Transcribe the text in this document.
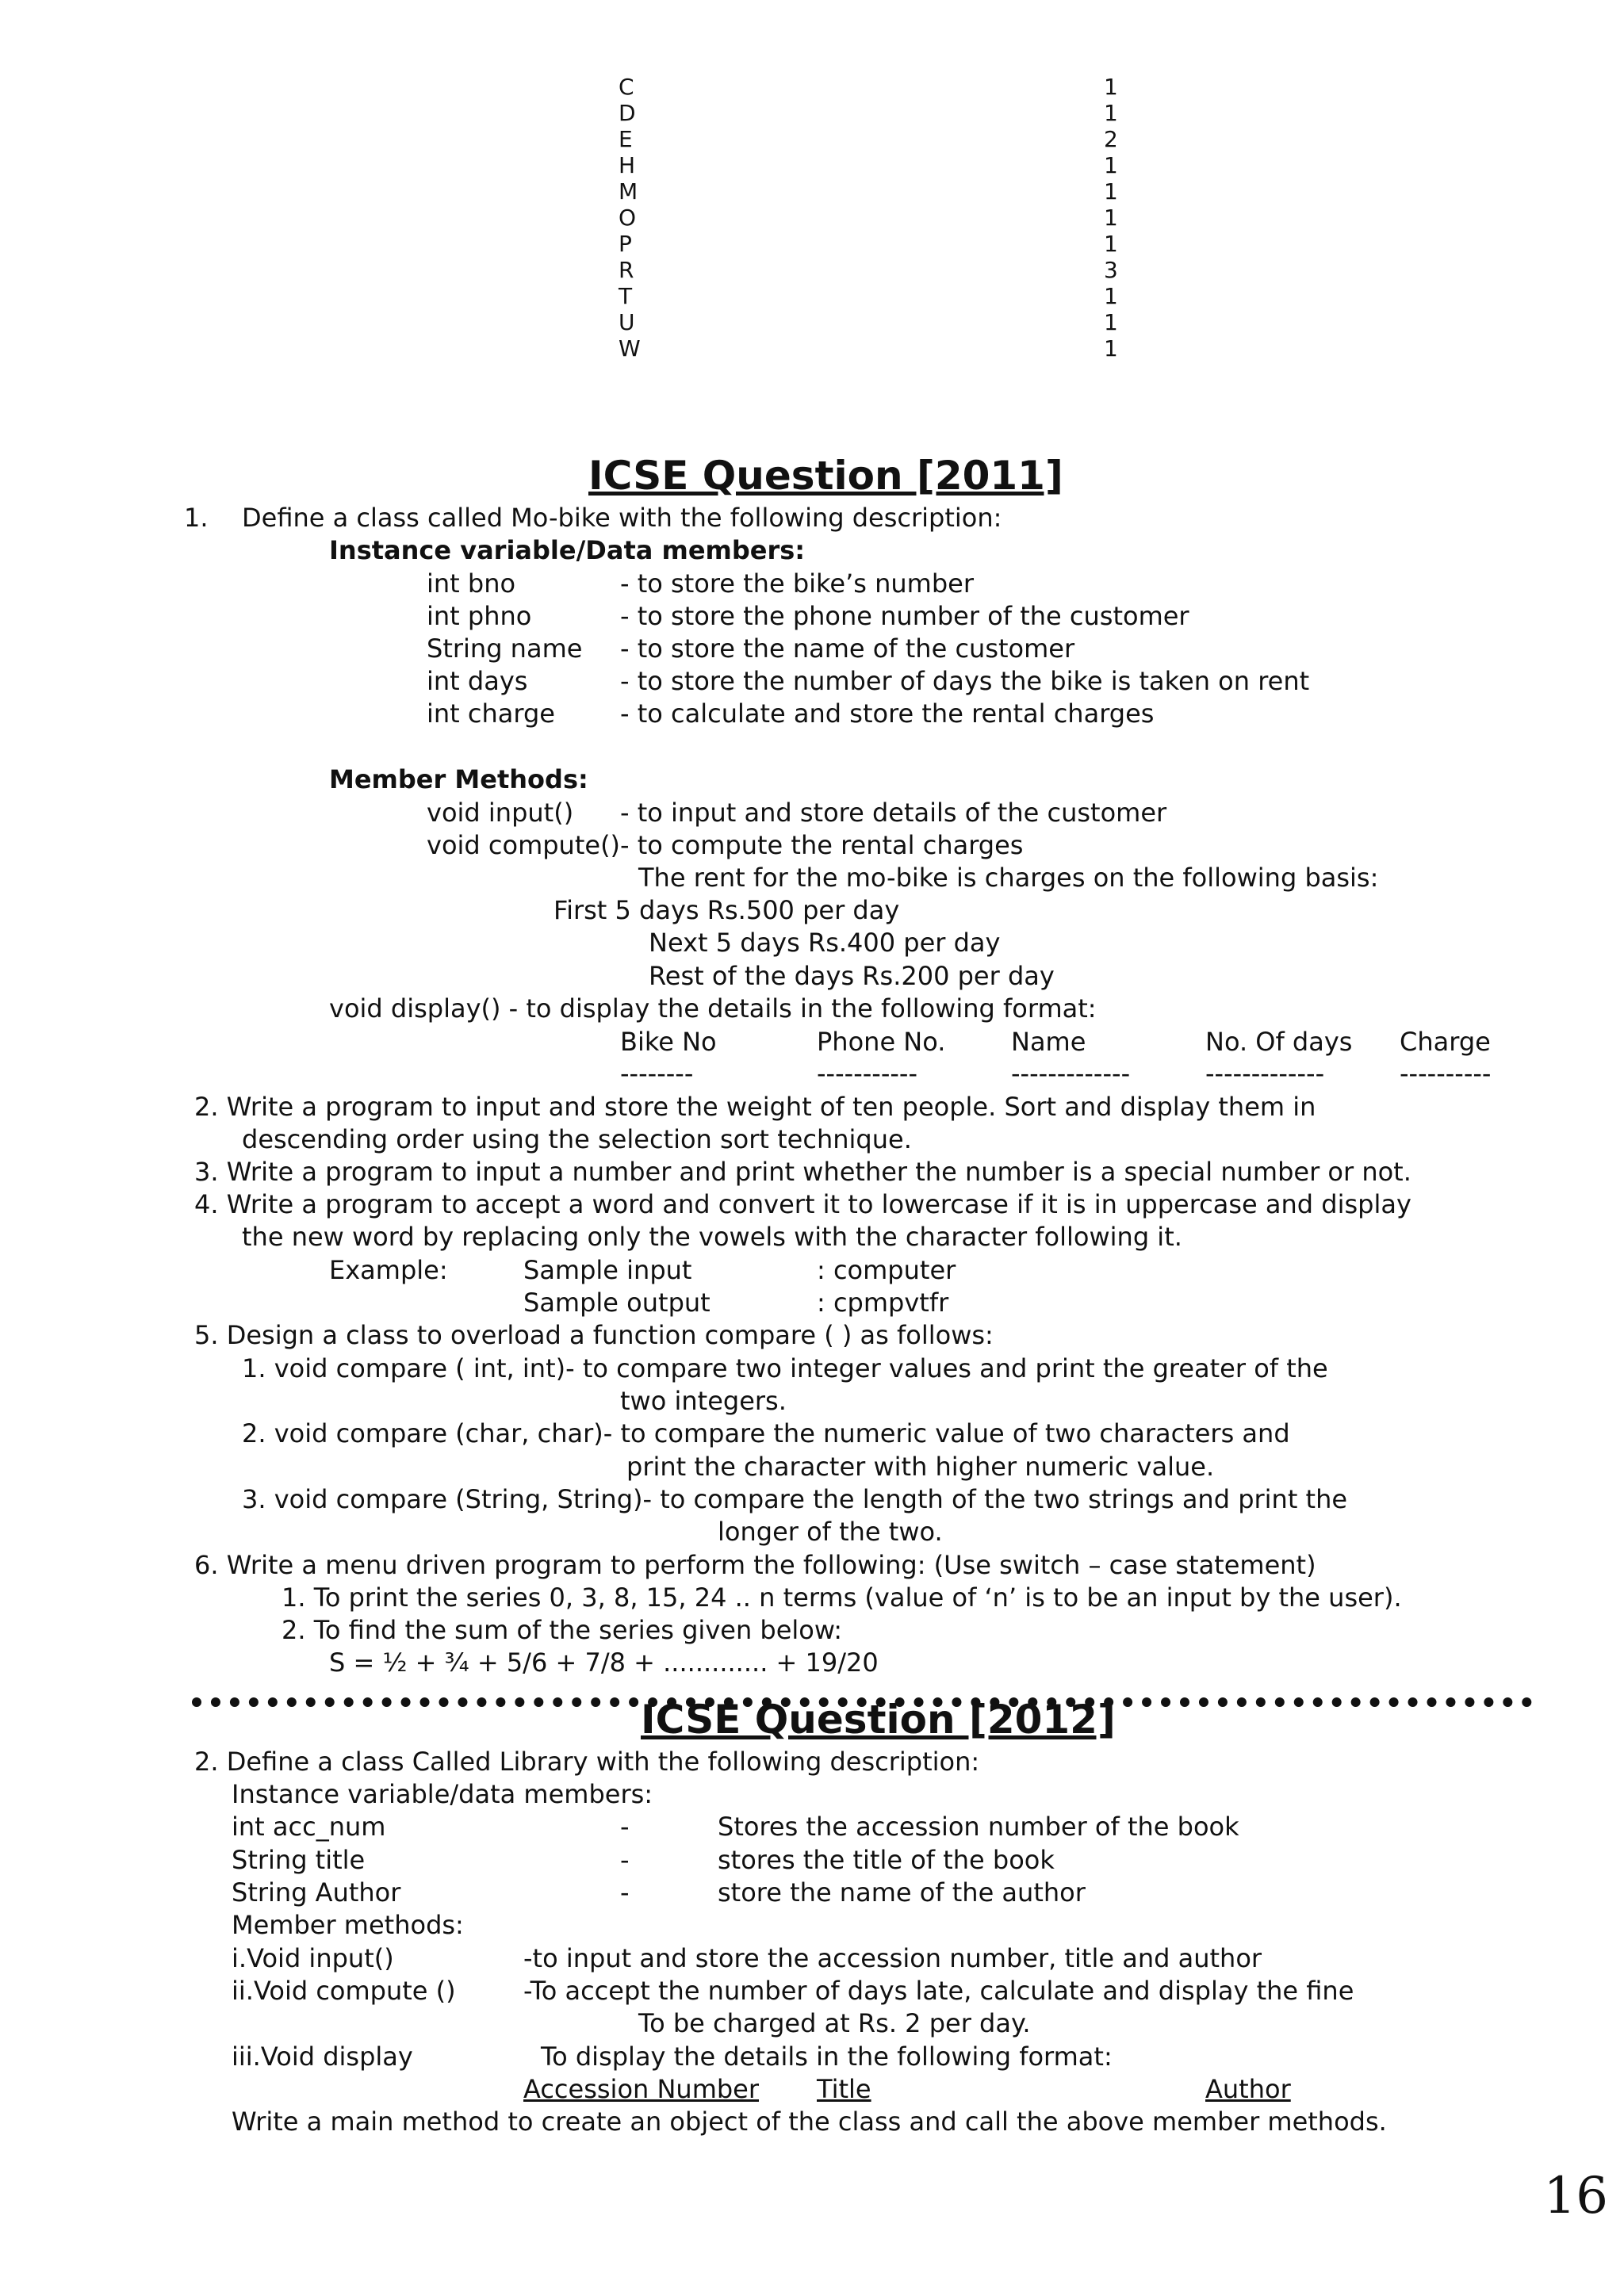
C	1
D	1
E	2
H	1
M	1
O	1
P	1
R	3
T	1
U	1
W	1
ICSE Question [2011]
1. Define a class called Mo-bike with the following description:
Instance variable/Data members:
int bno	- to store the bike’s number
int phno	- to store the phone number of the customer
String name - to store the name of the customer
int days	- to store the number of days the bike is taken on rent
int charge	- to calculate and store the rental charges
Member Methods:
void input() - to input and store details of the customer
void compute()- to compute the rental charges
The rent for the mo-bike is charges on the following basis:
First 5 days Rs.500 per day
Next 5 days Rs.400 per day
Rest of the days Rs.200 per day
void display() - to display the details in the following format:
Bike No	Phone No.	Name	No. Of days Charge
--------	-----------	-------------	-------------	----------
2. Write a program to input and store the weight of ten people. Sort and display them in
descending order using the selection sort technique.
3. Write a program to input a number and print whether the number is a special number or not.
4. Write a program to accept a word and convert it to lowercase if it is in uppercase and display
the new word by replacing only the vowels with the character following it.
Example:	Sample input	: computer
Sample output	: cpmpvtfr
5. Design a class to overload a function compare ( ) as follows:
1. void compare ( int, int)- to compare two integer values and print the greater of the
two integers.
2. void compare (char, char)- to compare the numeric value of two characters and
print the character with higher numeric value.
3. void compare (String, String)- to compare the length of the two strings and print the
longer of the two.
6. Write a menu driven program to perform the following: (Use switch – case statement)
1. To print the series 0, 3, 8, 15, 24 .. n terms (value of ‘n’ is to be an input by the user).
2. To find the sum of the series given below:
S = ½ + ¾ + 5/6 + 7/8 + ............. + 19/20
ICSE Question [2012]
2. Define a class Called Library with the following description:
Instance variable/data members:
int acc_num	-	Stores the accession number of the book
String title	-	stores the title of the book
String Author	-	store the name of the author
Member methods:
i.Void input()	-to input and store the accession number, title and author
ii.Void compute ()	-To accept the number of days late, calculate and display the fine
To be charged at Rs. 2 per day.
iii.Void display	To display the details in the following format:
Accession Number Title	Author
Write a main method to create an object of the class and call the above member methods.
16
